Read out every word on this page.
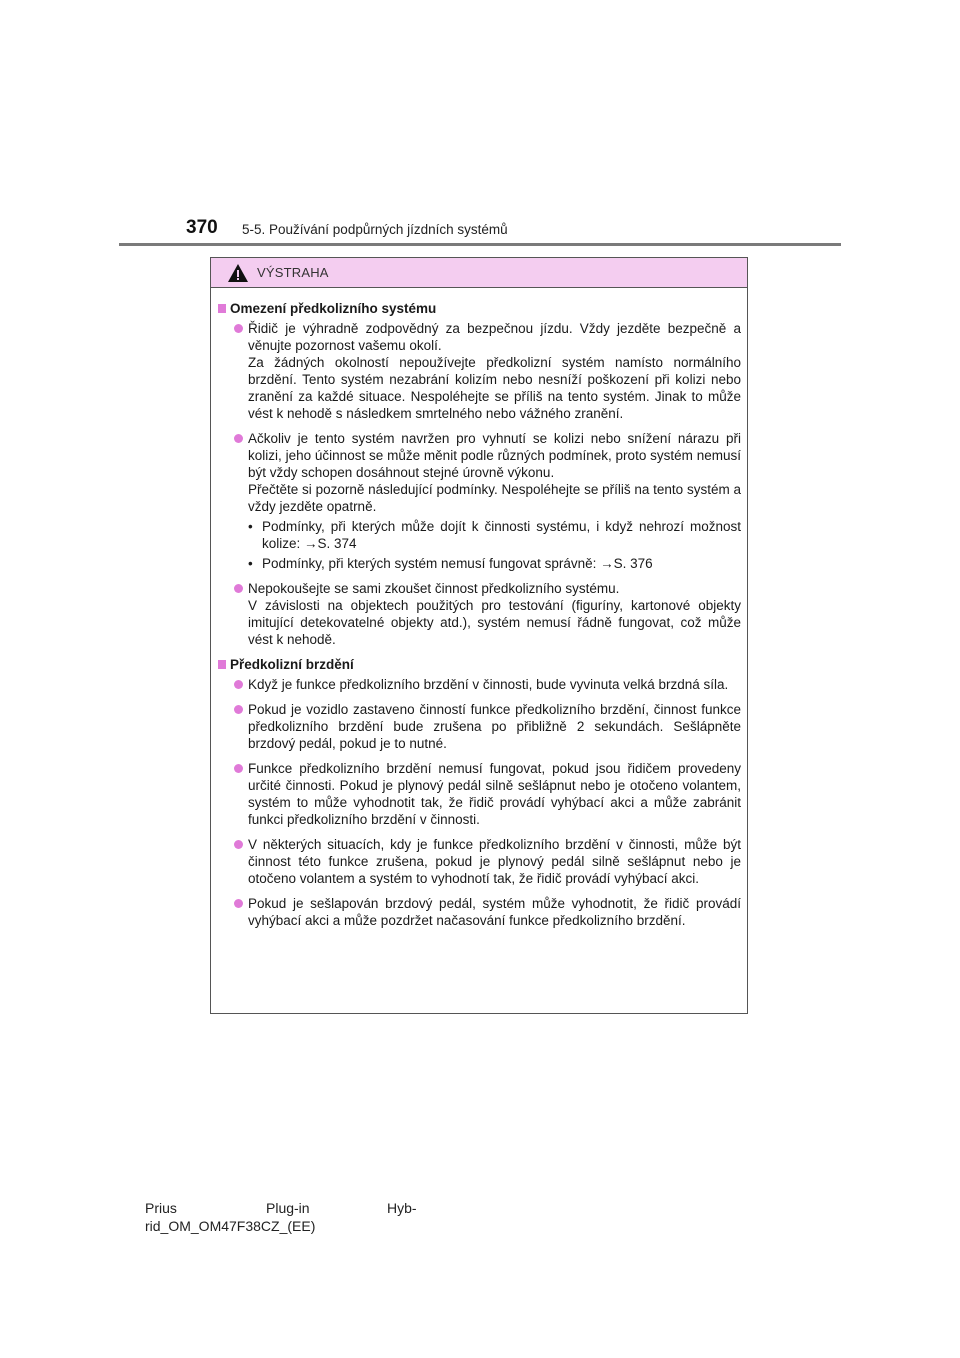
370 5-5. Používání podpůrných jízdních systémů
VÝSTRAHA
Omezení předkolizního systému

Řidič je výhradně zodpovědný za bezpečnou jízdu. Vždy jezděte bezpečně a věnujte pozornost vašemu okolí.

Za žádných okolností nepoužívejte předkolizní systém namísto normálního brzdění. Tento systém nezabrání kolizím nebo nesníží poškození při kolizi nebo zranění za každé situace. Nespoléhejte se příliš na tento systém. Jinak to může vést k nehodě s následkem smrtelného nebo vážného zranění.

Ačkoliv je tento systém navržen pro vyhnutí se kolizi nebo snížení nárazu při kolizi, jeho účinnost se může měnit podle různých podmínek, proto systém nemusí být vždy schopen dosáhnout stejné úrovně výkonu.

Přečtěte si pozorně následující podmínky. Nespoléhejte se příliš na tento systém a vždy jezděte opatrně.

• Podmínky, při kterých může dojít k činnosti systému, i když nehrozí možnost kolize: →S. 374
• Podmínky, při kterých systém nemusí fungovat správně: →S. 376

Nepokoušejte se sami zkoušet činnost předkolizního systému.

V závislosti na objektech použitých pro testování (figuríny, kartonové objekty imitující detekovatelné objekty atd.), systém nemusí řádně fungovat, což může vést k nehodě.

Předkolizní brzdění

Když je funkce předkolizního brzdění v činnosti, bude vyvinuta velká brzdná síla.

Pokud je vozidlo zastaveno činností funkce předkolizního brzdění, činnost funkce předkolizního brzdění bude zrušena po přibližně 2 sekundách. Sešlápněte brzdový pedál, pokud je to nutné.

Funkce předkolizního brzdění nemusí fungovat, pokud jsou řidičem provedeny určité činnosti. Pokud je plynový pedál silně sešlápnut nebo je otočeno volantem, systém to může vyhodnotit tak, že řidič provádí vyhýbací akci a může zabránit funkci předkolizního brzdění v činnosti.

V některých situacích, kdy je funkce předkolizního brzdění v činnosti, může být činnost této funkce zrušena, pokud je plynový pedál silně sešlápnut nebo je otočeno volantem a systém to vyhodnotí tak, že řidič provádí vyhýbací akci.

Pokud je sešlapován brzdový pedál, systém může vyhodnotit, že řidič provádí vyhýbací akci a může pozdržet načasování funkce předkolizního brzdění.

Prius	Plug-in	Hyb-
rid_OM_OM47F38CZ_(EE)
